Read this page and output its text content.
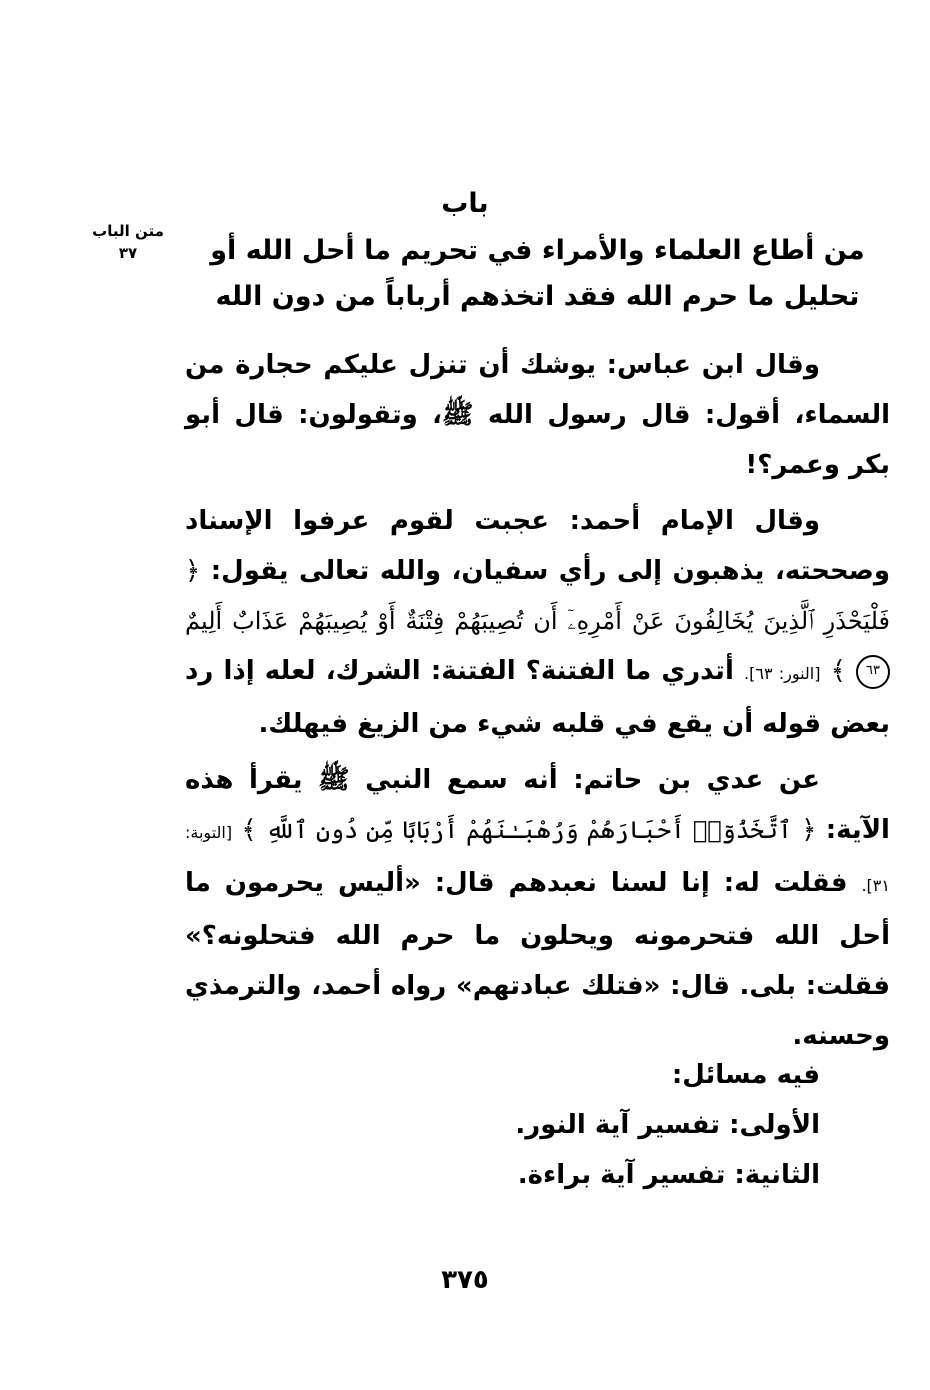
متن الباب
٣٧
باب
من أطاع العلماء والأمراء في تحريم ما أحل الله أو تحليل ما حرم الله فقد اتخذهم أرباباً من دون الله

وقال ابن عباس: يوشك أن تنزل عليكم حجارة من السماء، أقول: قال رسول الله ﷺ، وتقولون: قال أبو بكر وعمر؟!

وقال الإمام أحمد: عجبت لقوم عرفوا الإسناد وصححته، يذهبون إلى رأي سفيان، والله تعالى يقول: ﴿ فَلْيَحْذَرِ ٱلَّذِينَ يُخَالِفُونَ عَنْ أَمْرِهِۦٓ أَن تُصِيبَهُمْ فِتْنَةٌ أَوْ يُصِيبَهُمْ عَذَابٌ أَلِيمٌ ٦٣ ﴾ [النور: ٦٣]. أتدري ما الفتنة؟ الفتنة: الشرك، لعله إذا رد بعض قوله أن يقع في قلبه شيء من الزيغ فيهلك.

عن عدي بن حاتم: أنه سمع النبي ﷺ يقرأ هذه الآية: ﴿ ٱتَّخَذُوٓا۟ أَحْبَارَهُمْ وَرُهْبَـٰنَهُمْ أَرْبَابًا مِّن دُونِ ٱللَّهِ ﴾ [التوبة: ٣١]. فقلت له: إنا لسنا نعبدهم قال: «أليس يحرمون ما أحل الله فتحرمونه ويحلون ما حرم الله فتحلونه؟» فقلت: بلى. قال: «فتلك عبادتهم» رواه أحمد، والترمذي وحسنه.

فيه مسائل:
الأولى: تفسير آية النور.
الثانية: تفسير آية براءة.
٣٧٥
